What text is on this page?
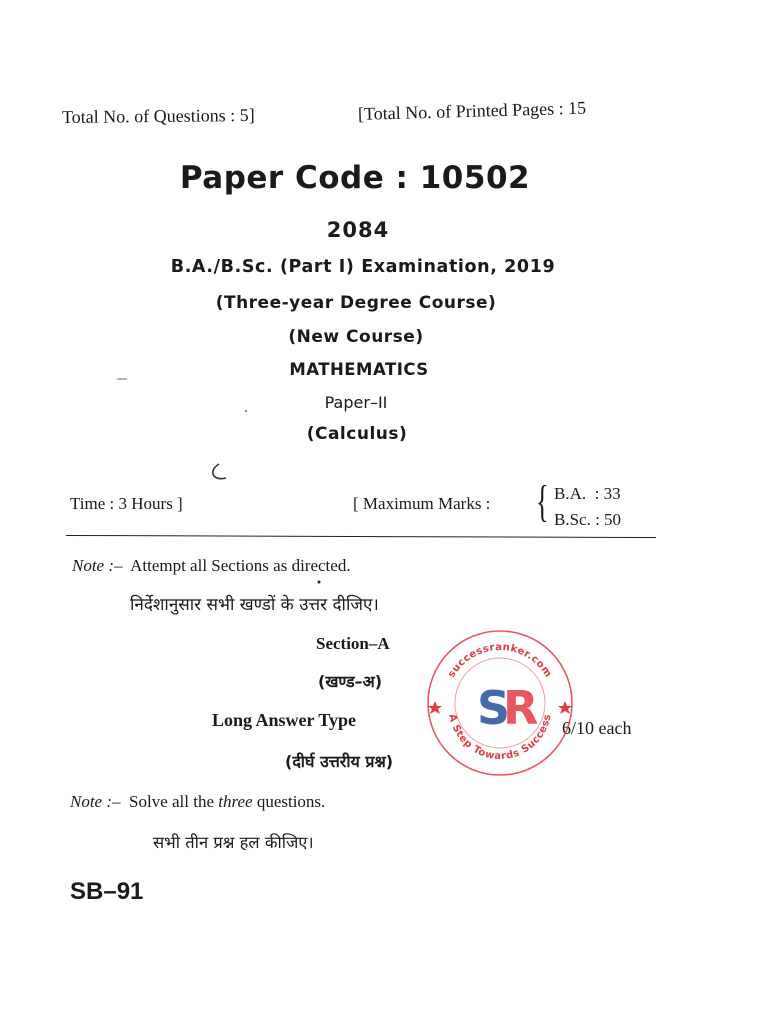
Total No. of Questions : 5]	[Total No. of Printed Pages : 15
Paper Code : 10502
2084
B.A./B.Sc. (Part I) Examination, 2019
(Three-year Degree Course)
(New Course)
MATHEMATICS
Paper–II
(Calculus)
Time : 3 Hours ]	[ Maximum Marks : { B.A.  : 33
B.Sc. : 50
Note :– Attempt all Sections as directed.
निर्देशानुसार सभी खण्डों के उत्तर दीजिए।
Section–A
(खण्ड–अ)
Long Answer Type	6/10 each
(दीर्घ उत्तरीय प्रश्न)
Note :– Solve all the three questions.
सभी तीन प्रश्न हल कीजिए।
SB–91
successranker.com
A Step Towards Success
S
R
